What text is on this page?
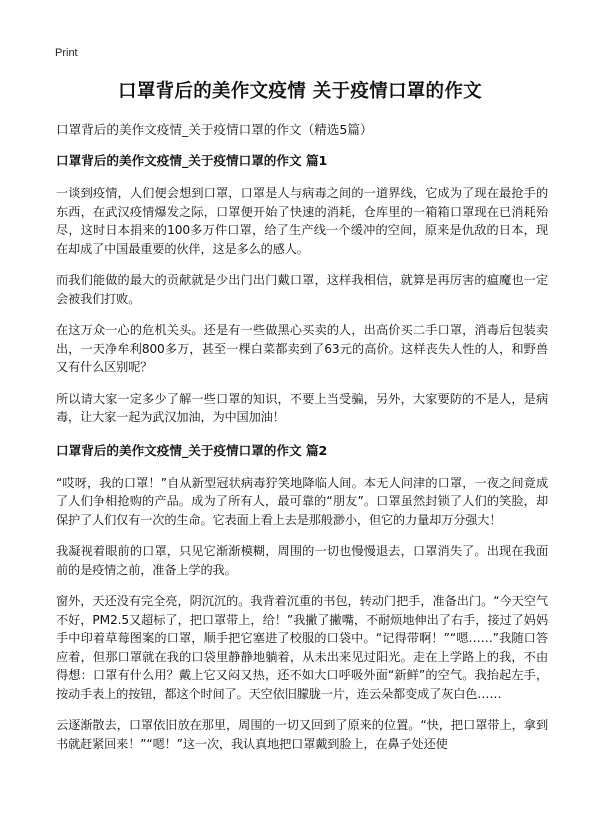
Print
口罩背后的美作文疫情 关于疫情口罩的作文

口罩背后的美作文疫情_关于疫情口罩的作文（精选5篇）

口罩背后的美作文疫情_关于疫情口罩的作文 篇1

一谈到疫情，人们便会想到口罩，口罩是人与病毒之间的一道界线，它成为了现在最抢手的东西，在武汉疫情爆发之际，口罩便开始了快速的消耗，仓库里的一箱箱口罩现在已消耗殆尽，这时日本捐来的100多万件口罩，给了生产线一个缓冲的空间，原来是仇敌的日本，现在却成了中国最重要的伙伴，这是多么的感人。

而我们能做的最大的贡献就是少出门出门戴口罩，这样我相信，就算是再厉害的瘟魔也一定会被我们打败。

在这万众一心的危机关头。还是有一些做黑心买卖的人，出高价买二手口罩，消毒后包装卖出，一天净牟利800多万，甚至一棵白菜都卖到了63元的高价。这样丧失人性的人，和野兽又有什么区别呢？

所以请大家一定多少了解一些口罩的知识，不要上当受骗，另外，大家要防的不是人，是病毒，让大家一起为武汉加油，为中国加油！

口罩背后的美作文疫情_关于疫情口罩的作文 篇2

“哎呀，我的口罩！”自从新型冠状病毒狞笑地降临人间。本无人问津的口罩，一夜之间竟成了人们争相抢购的产品。成为了所有人，最可靠的“朋友”。口罩虽然封锁了人们的笑脸，却保护了人们仅有一次的生命。它表面上看上去是那般渺小，但它的力量却万分强大！

我凝视着眼前的口罩，只见它渐渐模糊，周围的一切也慢慢退去，口罩消失了。出现在我面前的是疫情之前，准备上学的我。

窗外，天还没有完全亮，阴沉沉的。我背着沉重的书包，转动门把手，准备出门。“今天空气不好，PM2.5又超标了，把口罩带上，给！”我撇了撇嘴，不耐烦地伸出了右手，接过了妈妈手中印着草莓图案的口罩，顺手把它塞进了校服的口袋中。“记得带啊！”“嗯……”我随口答应着，但那口罩就在我的口袋里静静地躺着，从未出来见过阳光。走在上学路上的我，不由得想：口罩有什么用？戴上它又闷又热，还不如大口呼吸外面“新鲜”的空气。我抬起左手，按动手表上的按钮，都这个时间了。天空依旧朦胧一片，连云朵都变成了灰白色……

云逐渐散去，口罩依旧放在那里，周围的一切又回到了原来的位置。“快，把口罩带上，拿到书就赶紧回来！”“嗯！”这一次，我认真地把口罩戴到脸上，在鼻子处还使
